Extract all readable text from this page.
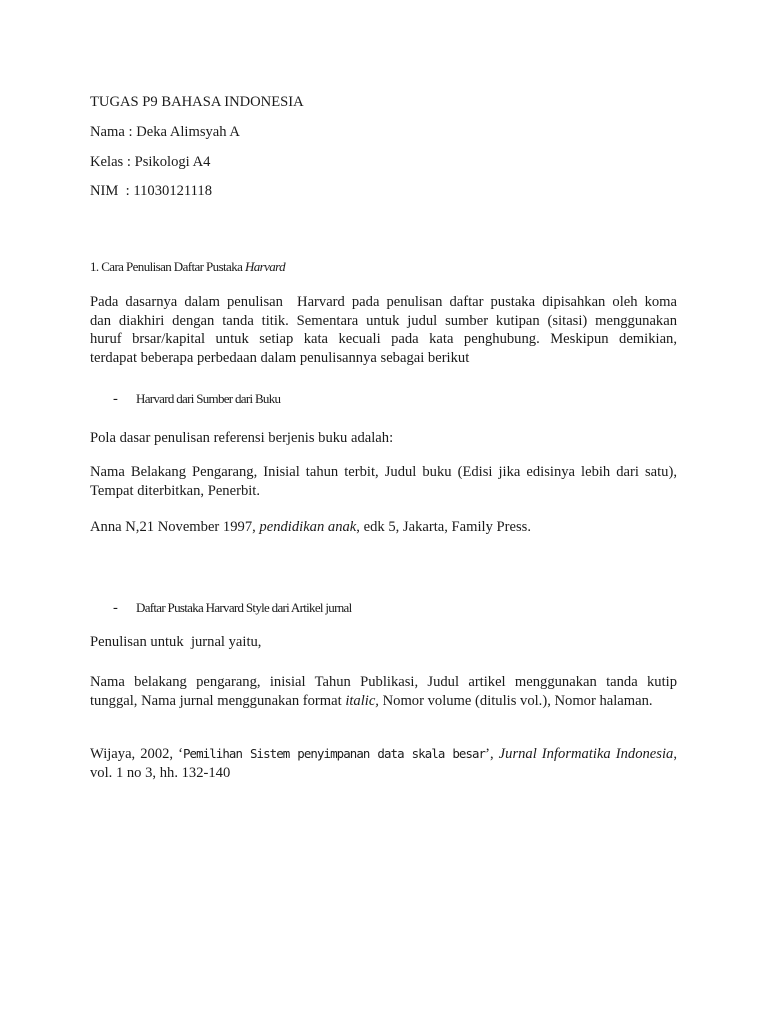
TUGAS P9 BAHASA INDONESIA
Nama : Deka Alimsyah A
Kelas : Psikologi A4
NIM  : 11030121118
1. Cara Penulisan Daftar Pustaka Harvard
Pada dasarnya dalam penulisan  Harvard pada penulisan daftar pustaka dipisahkan oleh koma
dan diakhiri dengan tanda titik. Sementara untuk judul sumber kutipan (sitasi) menggunakan
huruf brsar/kapital untuk setiap kata kecuali pada kata penghubung. Meskipun demikian,
terdapat beberapa perbedaan dalam penulisannya sebagai berikut
- Harvard dari Sumber dari Buku
Pola dasar penulisan referensi berjenis buku adalah:
Nama Belakang Pengarang, Inisial tahun terbit, Judul buku (Edisi jika edisinya lebih dari satu),
Tempat diterbitkan, Penerbit.
Anna N,21 November 1997, pendidikan anak, edk 5, Jakarta, Family Press.
- Daftar Pustaka Harvard Style dari Artikel jurnal
Penulisan untuk  jurnal yaitu,
Nama belakang pengarang, inisial Tahun Publikasi, Judul artikel menggunakan tanda kutip
tunggal, Nama jurnal menggunakan format italic, Nomor volume (ditulis vol.), Nomor halaman.
Wijaya, 2002, ‘Pemilihan Sistem penyimpanan data skala besar’, Jurnal Informatika Indonesia,
vol. 1 no 3, hh. 132-140
